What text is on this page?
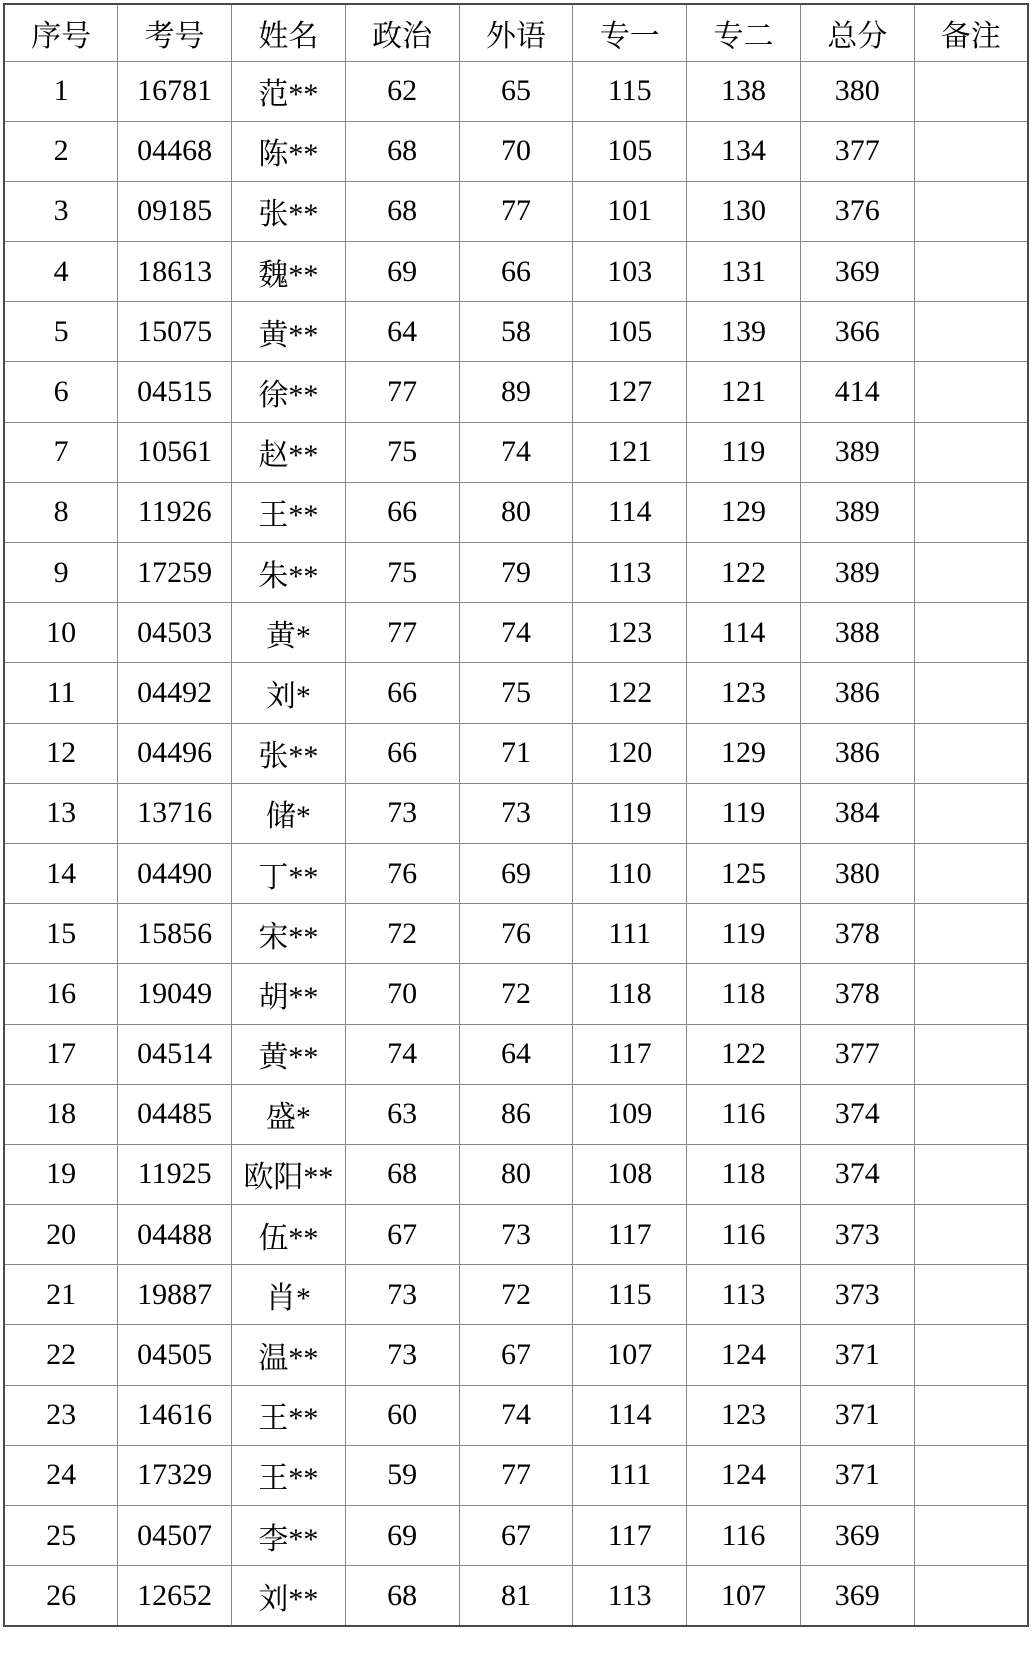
序号	考号	姓名	政治	外语	专一	专二	总分	备注
1	16781	范**	62	65	115	138	380	
2	04468	陈**	68	70	105	134	377	
3	09185	张**	68	77	101	130	376	
4	18613	魏**	69	66	103	131	369	
5	15075	黄**	64	58	105	139	366	
6	04515	徐**	77	89	127	121	414	
7	10561	赵**	75	74	121	119	389	
8	11926	王**	66	80	114	129	389	
9	17259	朱**	75	79	113	122	389	
10	04503	黄*	77	74	123	114	388	
11	04492	刘*	66	75	122	123	386	
12	04496	张**	66	71	120	129	386	
13	13716	储*	73	73	119	119	384	
14	04490	丁**	76	69	110	125	380	
15	15856	宋**	72	76	111	119	378	
16	19049	胡**	70	72	118	118	378	
17	04514	黄**	74	64	117	122	377	
18	04485	盛*	63	86	109	116	374	
19	11925	欧阳**	68	80	108	118	374	
20	04488	伍**	67	73	117	116	373	
21	19887	肖*	73	72	115	113	373	
22	04505	温**	73	67	107	124	371	
23	14616	王**	60	74	114	123	371	
24	17329	王**	59	77	111	124	371	
25	04507	李**	69	67	117	116	369	
26	12652	刘**	68	81	113	107	369	
